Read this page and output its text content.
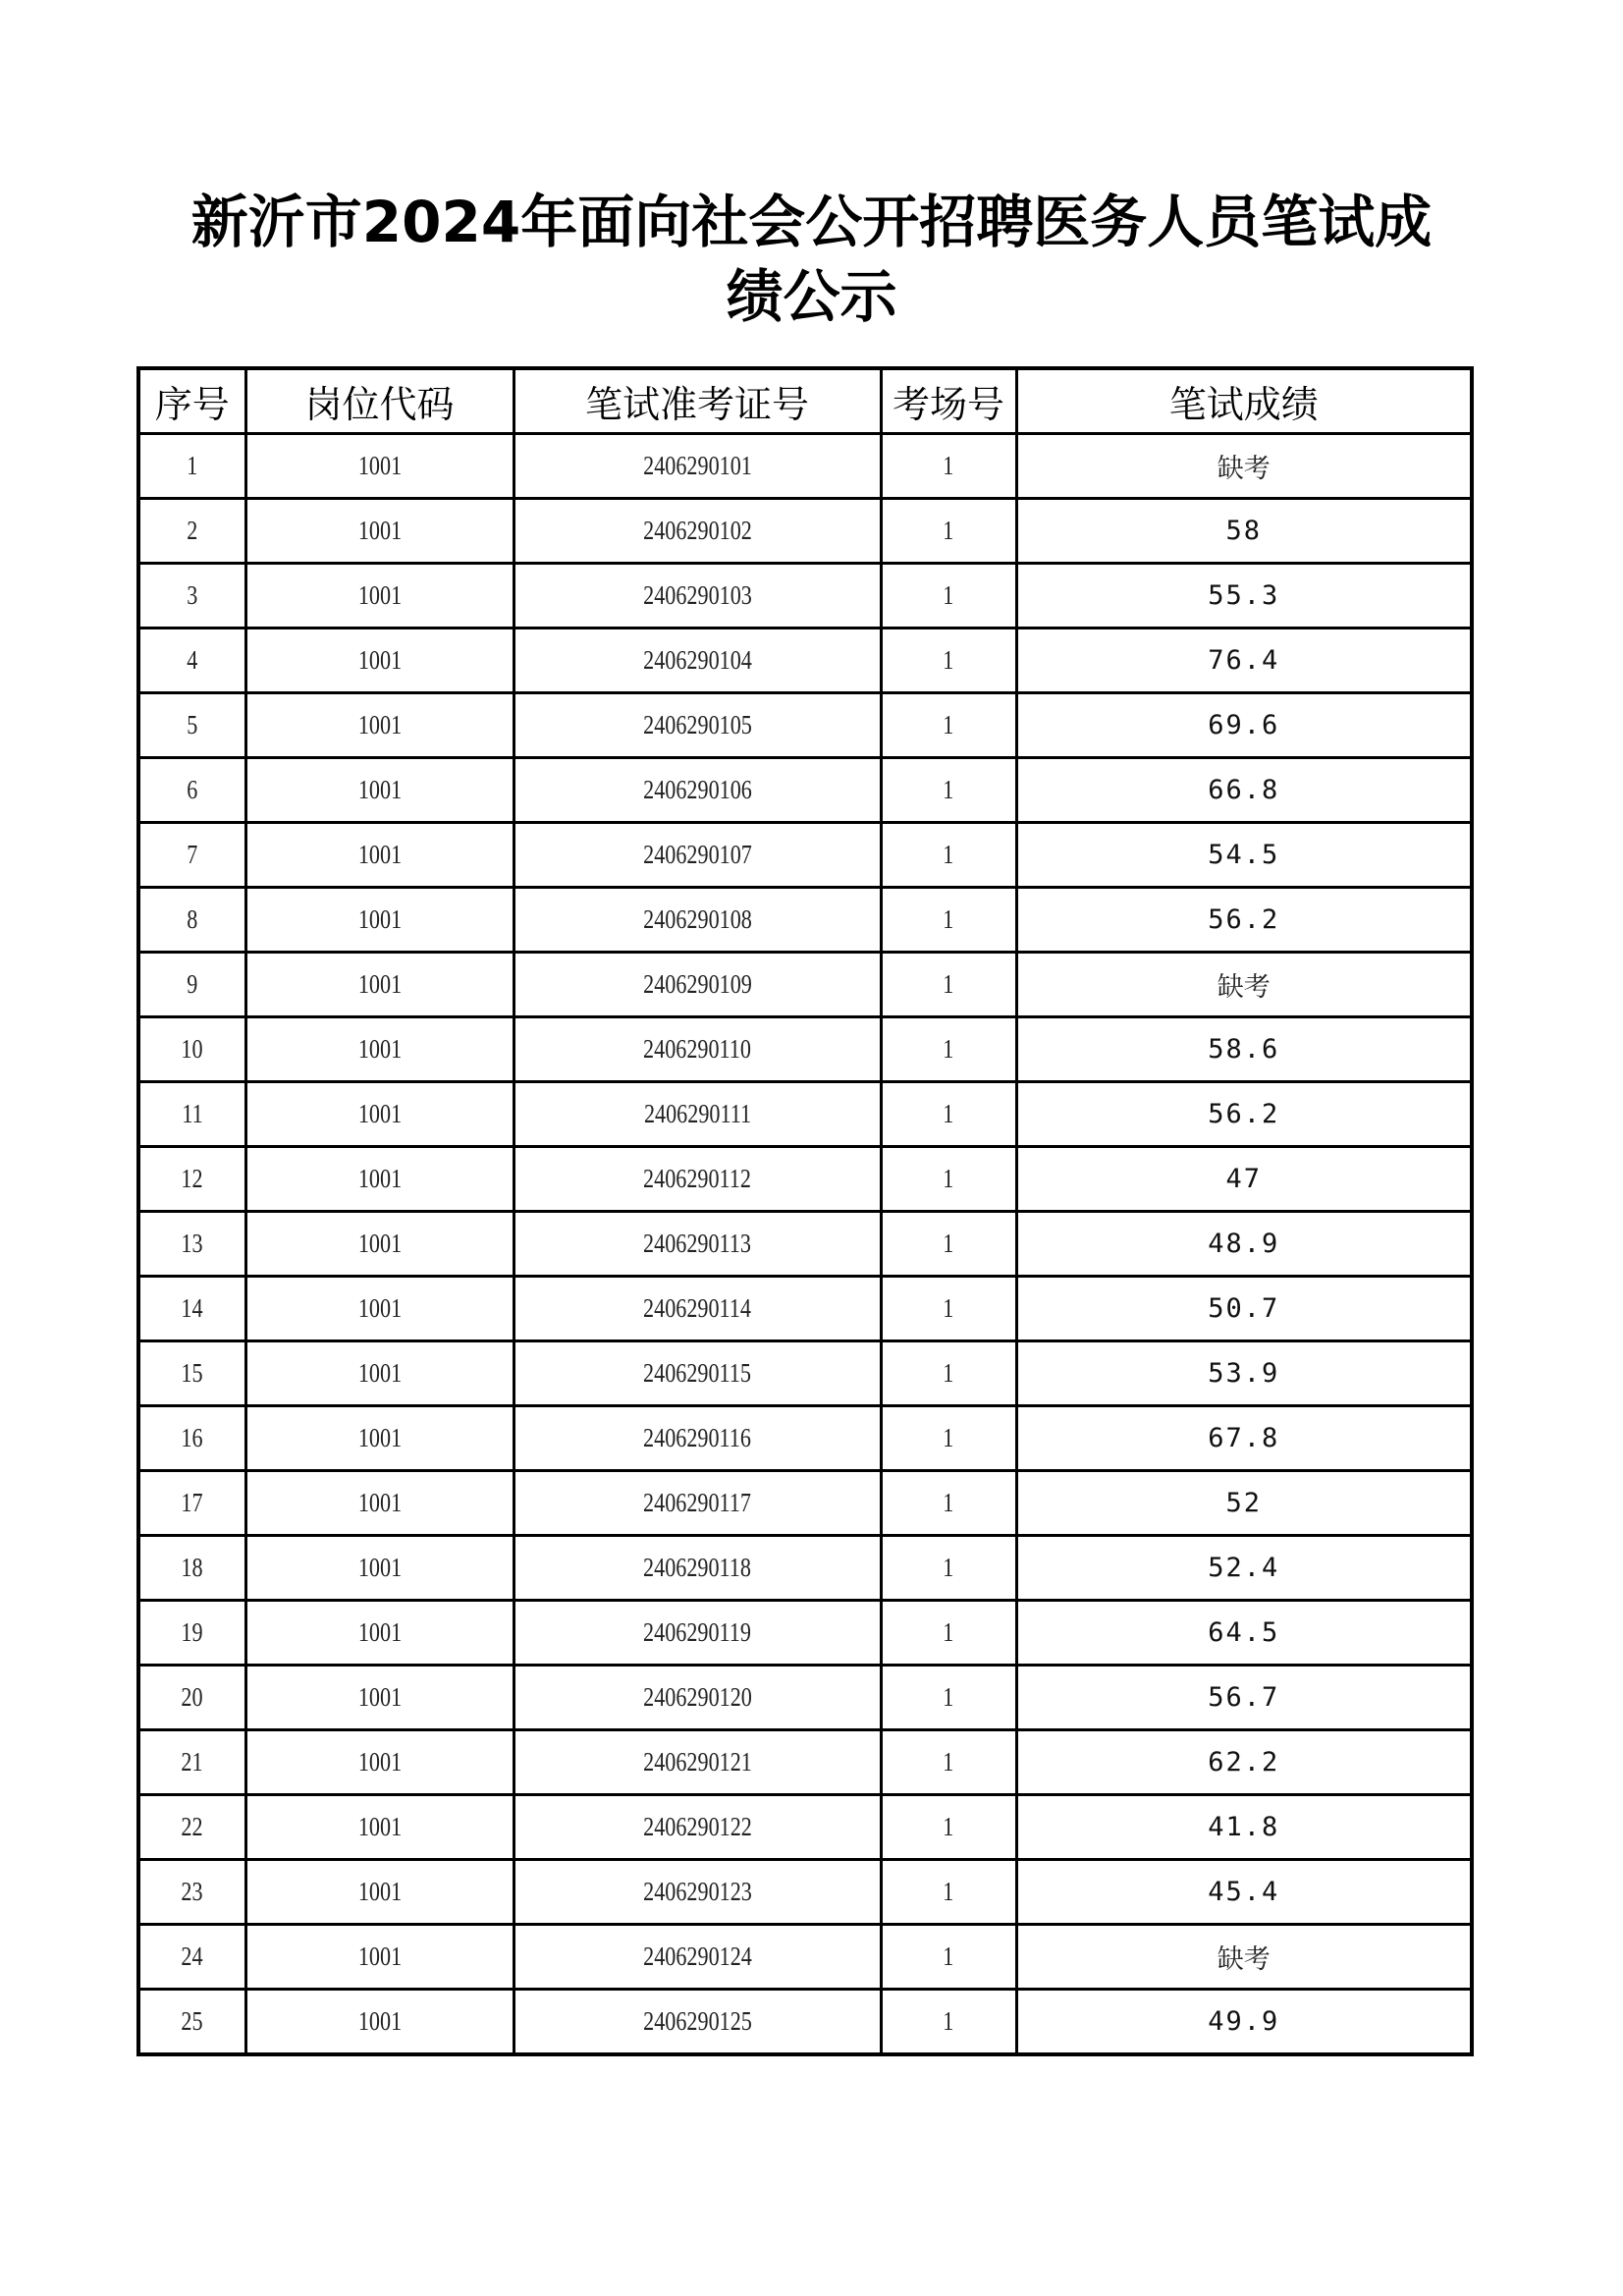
新沂市2024年面向社会公开招聘医务人员笔试成
绩公示
序号	岗位代码	笔试准考证号	考场号	笔试成绩
1	1001	2406290101	1	缺考
2	1001	2406290102	1	58
3	1001	2406290103	1	55.3
4	1001	2406290104	1	76.4
5	1001	2406290105	1	69.6
6	1001	2406290106	1	66.8
7	1001	2406290107	1	54.5
8	1001	2406290108	1	56.2
9	1001	2406290109	1	缺考
10	1001	2406290110	1	58.6
11	1001	2406290111	1	56.2
12	1001	2406290112	1	47
13	1001	2406290113	1	48.9
14	1001	2406290114	1	50.7
15	1001	2406290115	1	53.9
16	1001	2406290116	1	67.8
17	1001	2406290117	1	52
18	1001	2406290118	1	52.4
19	1001	2406290119	1	64.5
20	1001	2406290120	1	56.7
21	1001	2406290121	1	62.2
22	1001	2406290122	1	41.8
23	1001	2406290123	1	45.4
24	1001	2406290124	1	缺考
25	1001	2406290125	1	49.9
